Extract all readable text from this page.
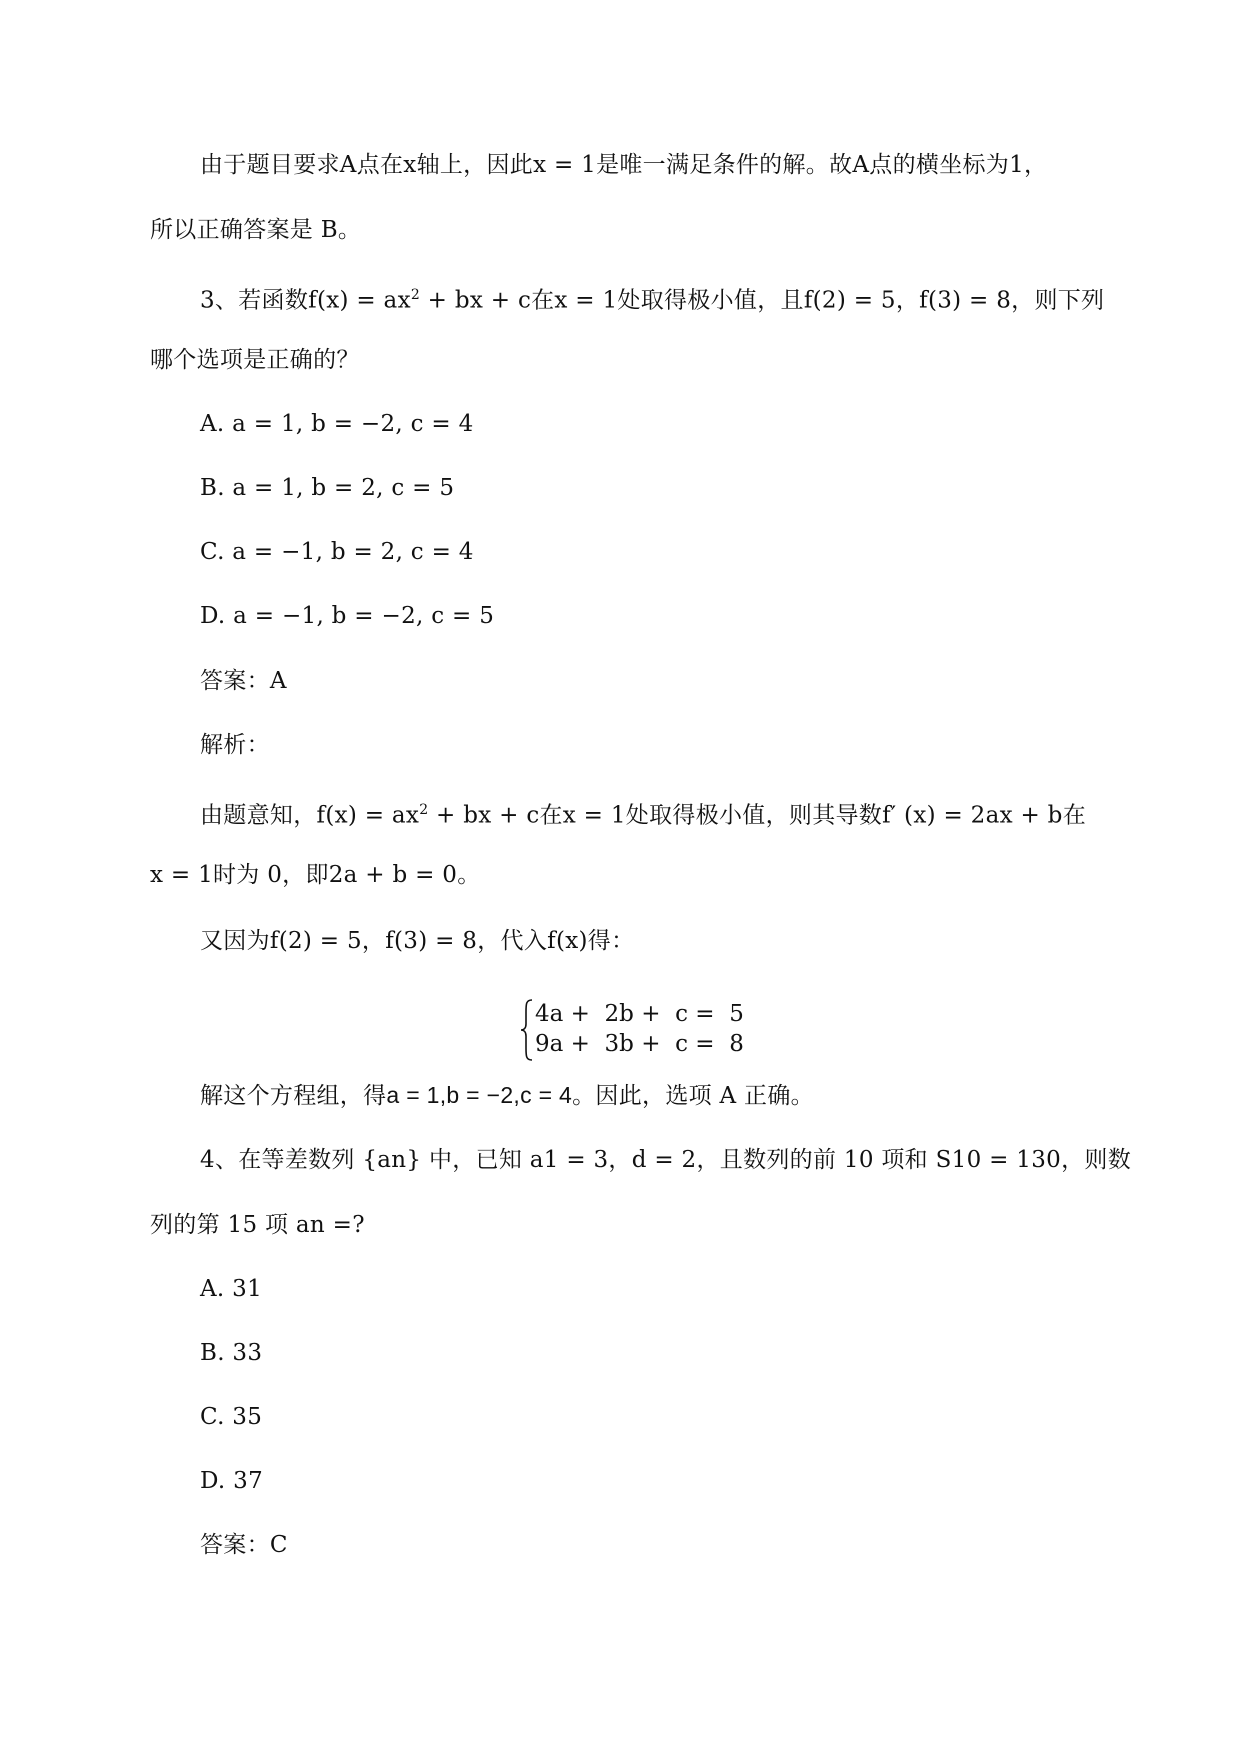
由于题目要求A点在x轴上，因此x = 1是唯一满足条件的解。故A点的横坐标为1，
所以正确答案是 B。
3、若函数$f(x) = ax^2$ + bx + c在x = 1处取得极小值，且f(2) = 5，f(3) = 8，则下列
哪个选项是正确的？
A. a = 1, b = −2, c = 4
B. a = 1, b = 2, c = 5
C. a = −1, b = 2, c = 4
D. a = −1, b = −2, c = 5
答案：A
解析：
由题意知，$f(x) = ax^2$ + bx + c在x = 1处取得极小值，则其导数f′ (x) = 2ax + b在
x = 1时为 0，即2a + b = 0。
又因为f(2) = 5，f(3) = 8，代入f(x)得：
4a +  2b +  c =  5
9a +  3b +  c =  8
解这个方程组，得a = 1,b = −2,c = 4。因此，选项 A 正确。
4、在等差数列 {an} 中，已知 a1 = 3，d = 2，且数列的前 10 项和 S10 = 130，则数
列的第 15 项 an =?
A. 31
B. 33
C. 35
D. 37
答案：C
